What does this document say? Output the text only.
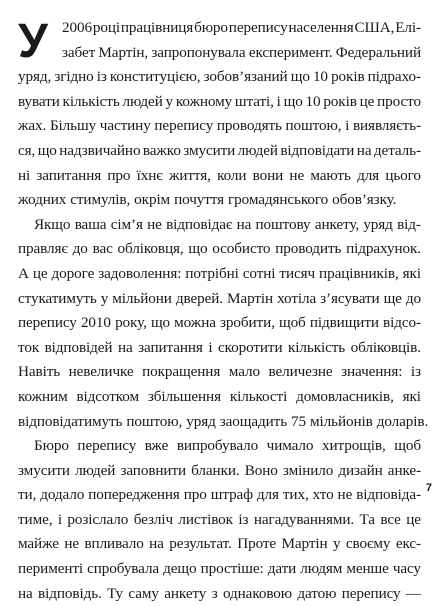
У 2006 році працівниця бюро перепису населення США, Елі-
забет Мартін, запропонувала експеримент. Федеральний
уряд, згідно із конституцією, зобов’язаний що 10 років підрахо-
вувати кількість людей у кожному штаті, і що 10 років це просто
жах. Більшу частину перепису проводять поштою, і виявляєть-
ся, що надзвичайно важко змусити людей відповідати на деталь-
ні запитання про їхнє життя, коли вони не мають для цього
жодних стимулів, окрім почуття громадянського обов’язку.
Якщо ваша сім’я не відповідає на поштову анкету, уряд від-
правляє до вас обліковця, що особисто проводить підрахунок.
А це дороге задоволення: потрібні сотні тисяч працівників, які
стукатимуть у мільйони дверей. Мартін хотіла з’ясувати ще до
перепису 2010 року, що можна зробити, щоб підвищити відсо-
ток відповідей на запитання і скоротити кількість обліковців.
Навіть невеличке покращення мало величезне значення: із
кожним відсотком збільшення кількості домовласників, які
відповідатимуть поштою, уряд заощадить 75 мільйонів доларів.
Бюро перепису вже випробувало чимало хитрощів, щоб
змусити людей заповнити бланки. Воно змінило дизайн анке-
ти, додало попередження про штраф для тих, хто не відповіда-
тиме, і розіслало безліч листівок із нагадуваннями. Та все це
майже не впливало на результат. Проте Мартін у своєму екс-
перименті спробувала дещо простіше: дати людям менше часу
на відповідь. Ту саму анкету з однаковою датою перепису —
7
